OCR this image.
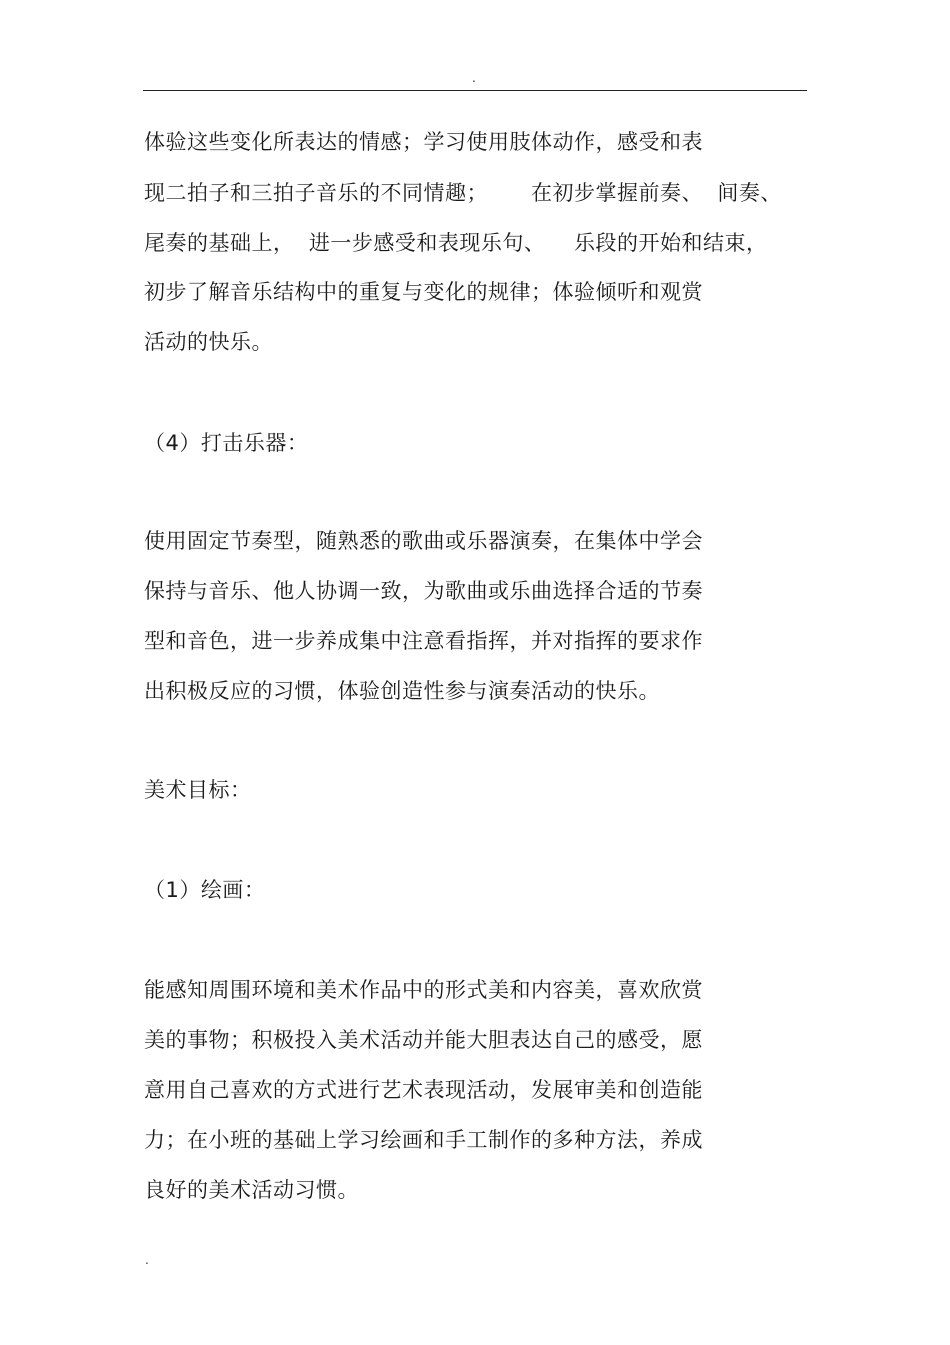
.
体验这些变化所表达的情感；学习使用肢体动作，感受和表
现二拍子和三拍子音乐的不同情趣；      在初步掌握前奏、  间奏、
尾奏的基础上，  进一步感受和表现乐句、    乐段的开始和结束，
初步了解音乐结构中的重复与变化的规律；体验倾听和观赏
活动的快乐。
（4）打击乐器：
使用固定节奏型，随熟悉的歌曲或乐器演奏，在集体中学会
保持与音乐、他人协调一致，为歌曲或乐曲选择合适的节奏
型和音色，进一步养成集中注意看指挥，并对指挥的要求作
出积极反应的习惯，体验创造性参与演奏活动的快乐。
美术目标：
（1）绘画：
能感知周围环境和美术作品中的形式美和内容美，喜欢欣赏
美的事物；积极投入美术活动并能大胆表达自己的感受，愿
意用自己喜欢的方式进行艺术表现活动，发展审美和创造能
力；在小班的基础上学习绘画和手工制作的多种方法，养成
良好的美术活动习惯。
.
